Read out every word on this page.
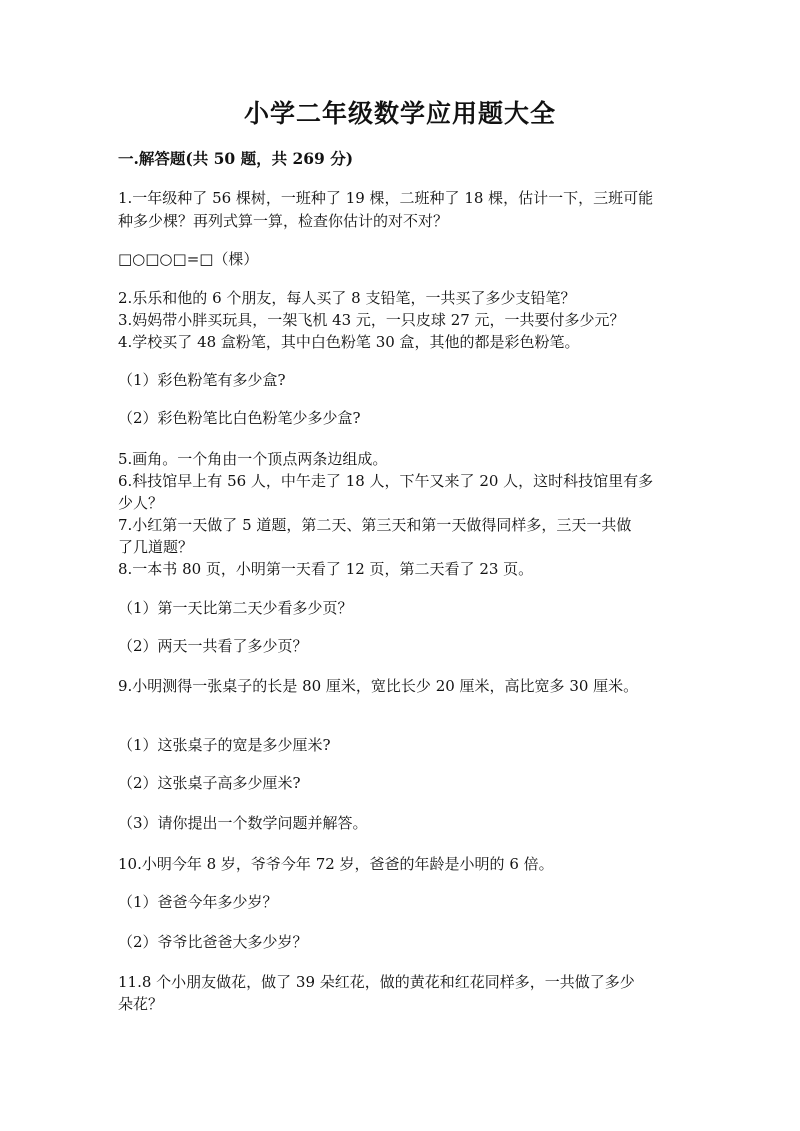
小学二年级数学应用题大全
一.解答题(共 50 题，共 269 分)
1.一年级种了 56 棵树，一班种了 19 棵，二班种了 18 棵，估计一下，三班可能
种多少棵？再列式算一算，检查你估计的对不对？
□○□○□=□（棵）
2.乐乐和他的 6 个朋友，每人买了 8 支铅笔，一共买了多少支铅笔？
3.妈妈带小胖买玩具，一架飞机 43 元，一只皮球 27 元，一共要付多少元？
4.学校买了 48 盒粉笔，其中白色粉笔 30 盒，其他的都是彩色粉笔。
（1）彩色粉笔有多少盒?
（2）彩色粉笔比白色粉笔少多少盒?
5.画角。一个角由一个顶点两条边组成。
6.科技馆早上有 56 人，中午走了 18 人，下午又来了 20 人，这时科技馆里有多
少人？
7.小红第一天做了 5 道题，第二天、第三天和第一天做得同样多，三天一共做
了几道题？
8.一本书 80 页，小明第一天看了 12 页，第二天看了 23 页。
（1）第一天比第二天少看多少页？
（2）两天一共看了多少页？
9.小明测得一张桌子的长是 80 厘米，宽比长少 20 厘米，高比宽多 30 厘米。
（1）这张桌子的宽是多少厘米?
（2）这张桌子高多少厘米?
（3）请你提出一个数学问题并解答。
10.小明今年 8 岁，爷爷今年 72 岁，爸爸的年龄是小明的 6 倍。
（1）爸爸今年多少岁？
（2）爷爷比爸爸大多少岁？
11.8 个小朋友做花，做了 39 朵红花，做的黄花和红花同样多，一共做了多少
朵花？
